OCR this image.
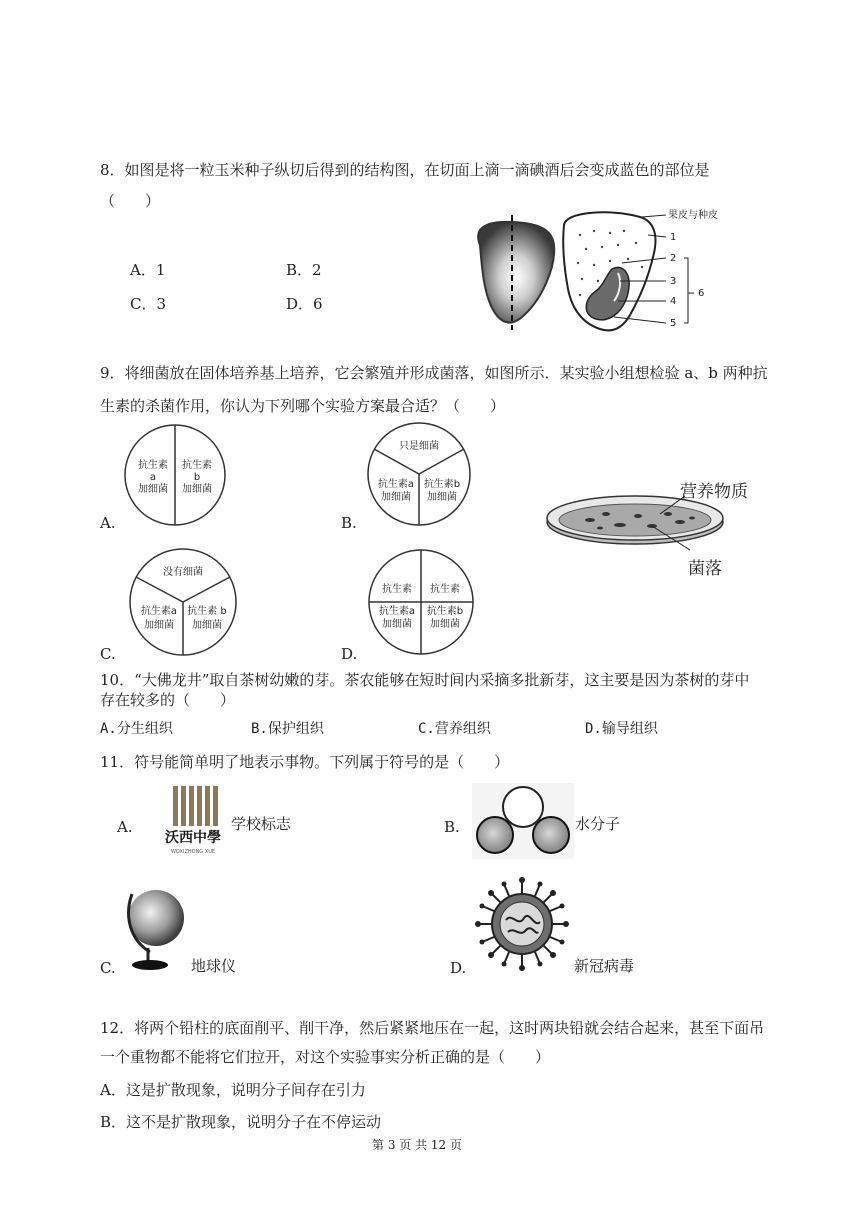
8．如图是将一粒玉米种子纵切后得到的结构图，在切面上滴一滴碘酒后会变成蓝色的部位是
（　　）
A．1	B．2
C．3	D．6
果皮与种皮
1
2
3
4
5
6
9．将细菌放在固体培养基上培养，它会繁殖并形成菌落，如图所示．某实验小组想检验 a、b 两种抗
生素的杀菌作用，你认为下列哪个实验方案最合适？（　　）
A.
抗生素
a
加细菌
抗生素
b
加细菌
B.
只是细菌
抗生素a
加细菌
抗生素b
加细菌	营养物质
菌落
C.
没有细菌
抗生素a
加细菌
抗生素 b
加细菌
D.
抗生素 抗生素
抗生素a
加细菌
抗生素b
加细菌
10．“大佛龙井”取自茶树幼嫩的芽。茶农能够在短时间内采摘多批新芽，这主要是因为茶树的芽中
存在较多的（　　）
A.分生组织	B.保护组织	C.营养组织	D.输导组织
11．符号能简单明了地表示事物。下列属于符号的是（　　）
A.
沃西中學
WOXIZHONG XUE
学校标志	B.	水分子
C.	地球仪	D.	新冠病毒
12．将两个铅柱的底面削平、削干净，然后紧紧地压在一起，这时两块铅就会结合起来，甚至下面吊
一个重物都不能将它们拉开，对这个实验事实分析正确的是（　　）
A．这是扩散现象，说明分子间存在引力
B．这不是扩散现象，说明分子在不停运动
第 3 页 共 12 页
